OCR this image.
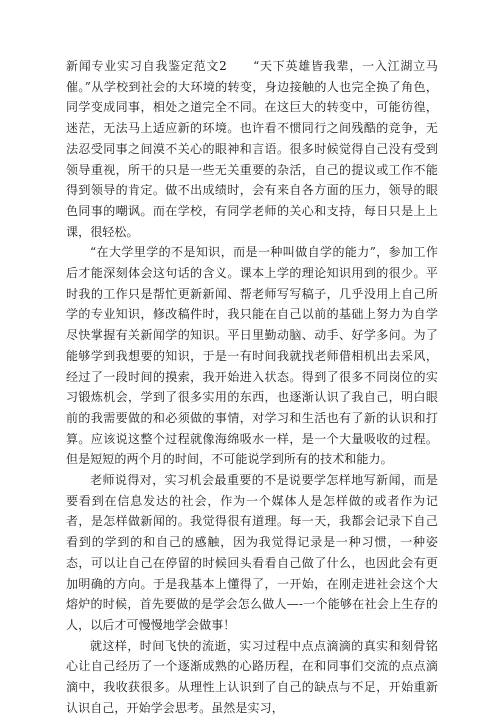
新闻专业实习自我鉴定范文2　　“天下英雄皆我辈，一入江湖立马催。”从学校到社会的大环境的转变，身边接触的人也完全换了角色，同学变成同事，相处之道完全不同。在这巨大的转变中，可能彷徨，迷茫，无法马上适应新的环境。也许看不惯同行之间残酷的竞争，无法忍受同事之间漠不关心的眼神和言语。很多时候觉得自己没有受到领导重视，所干的只是一些无关重要的杂活，自己的提议或工作不能得到领导的肯定。做不出成绩时，会有来自各方面的压力，领导的眼色同事的嘲讽。而在学校，有同学老师的关心和支持，每日只是上上课，很轻松。

“在大学里学的不是知识，而是一种叫做自学的能力”，参加工作后才能深刻体会这句话的含义。课本上学的理论知识用到的很少。平时我的工作只是帮忙更新新闻、帮老师写写稿子，几乎没用上自己所学的专业知识，修改稿件时，我只能在自己以前的基础上努力为自学尽快掌握有关新闻学的知识。平日里勤动脑、动手、好学多问。为了能够学到我想要的知识，于是一有时间我就找老师借相机出去采风，经过了一段时间的摸索，我开始进入状态。得到了很多不同岗位的实习锻炼机会，学到了很多实用的东西，也逐渐认识了我自己，明白眼前的我需要做的和必须做的事情，对学习和生活也有了新的认识和打算。应该说这整个过程就像海绵吸水一样，是一个大量吸收的过程。但是短短的两个月的时间，不可能说学到所有的技术和能力。

老师说得对，实习机会最重要的不是说要学怎样地写新闻，而是要看到在信息发达的社会，作为一个媒体人是怎样做的或者作为记者，是怎样做新闻的。我觉得很有道理。每一天，我都会记录下自己看到的学到的和自己的感触，因为我觉得记录是一种习惯，一种姿态，可以让自己在停留的时候回头看看自己做了什么，也因此会有更加明确的方向。于是我基本上懂得了，一开始，在刚走进社会这个大熔炉的时候，首先要做的是学会怎么做人—-一个能够在社会上生存的人，以后才可慢慢地学会做事！

就这样，时间飞快的流逝，实习过程中点点滴滴的真实和刻骨铭心让自己经历了一个逐渐成熟的心路历程，在和同事们交流的点点滴滴中，我收获很多。从理性上认识到了自己的缺点与不足，开始重新认识自己，开始学会思考。虽然是实习，
